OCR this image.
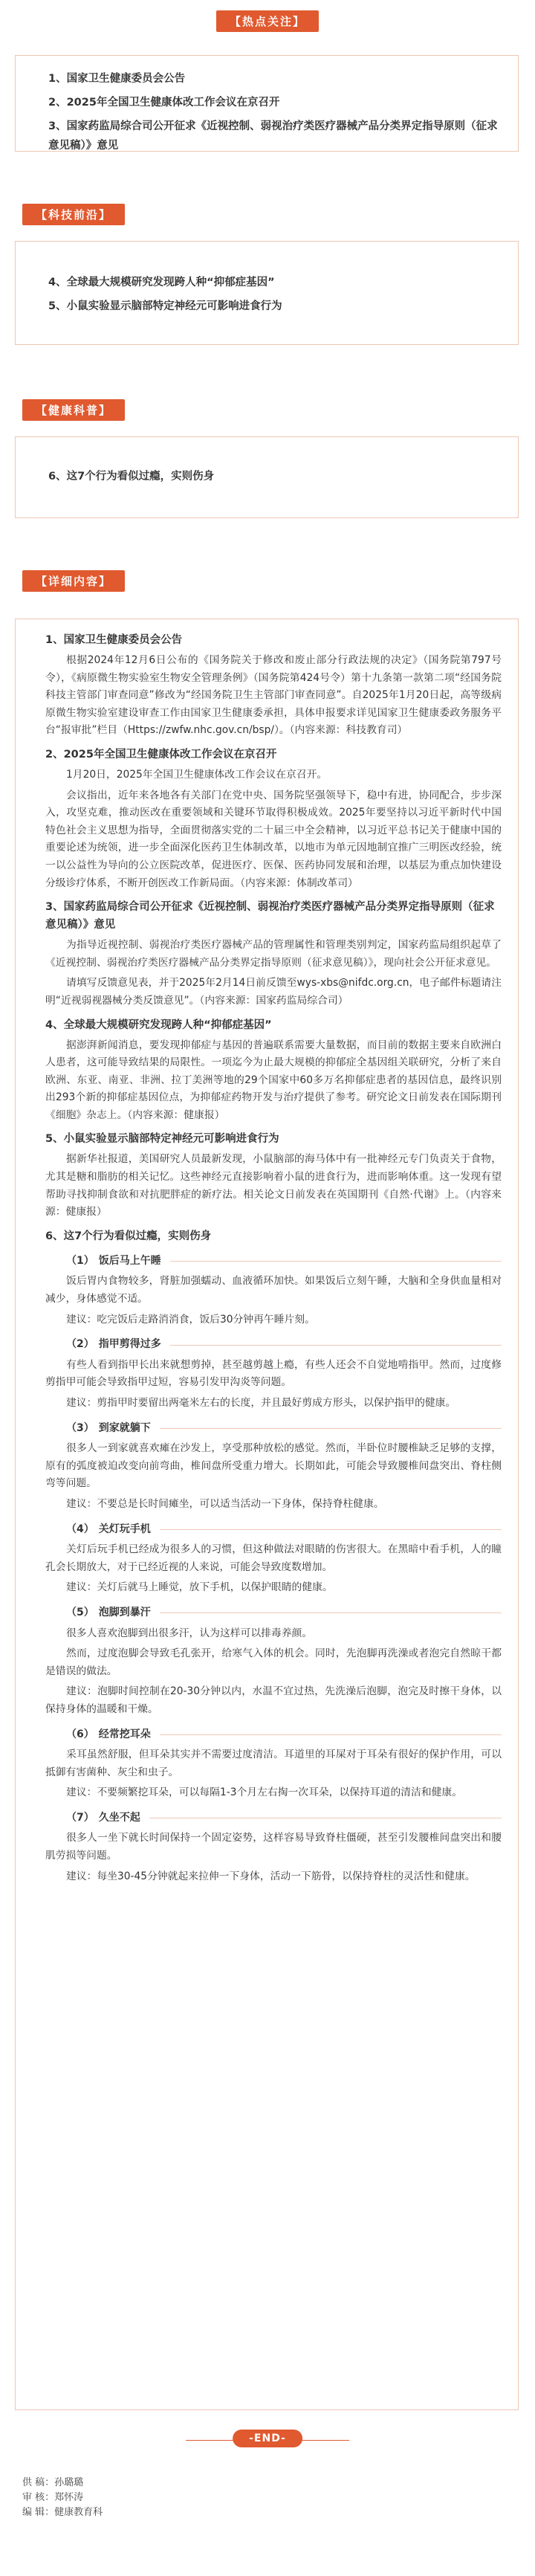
【热点关注】
1、国家卫生健康委员会公告
2、2025年全国卫生健康体改工作会议在京召开
3、国家药监局综合司公开征求《近视控制、弱视治疗类医疗器械产品分类界定指导原则（征求意见稿）》意见
【科技前沿】
4、全球最大规模研究发现跨人种“抑郁症基因”
5、小鼠实验显示脑部特定神经元可影响进食行为
【健康科普】
6、这7个行为看似过瘾，实则伤身
【详细内容】
1、国家卫生健康委员会公告

根据2024年12月6日公布的《国务院关于修改和废止部分行政法规的决定》（国务院第797号令），《病原微生物实验室生物安全管理条例》（国务院第424号令）第十九条第一款第二项“经国务院科技主管部门审查同意”修改为“经国务院卫生主管部门审查同意”。自2025年1月20日起，高等级病原微生物实验室建设审查工作由国家卫生健康委承担，具体申报要求详见国家卫生健康委政务服务平台“报审批”栏目（Https://zwfw.nhc.gov.cn/bsp/）。（内容来源：科技教育司）

2、2025年全国卫生健康体改工作会议在京召开

1月20日，2025年全国卫生健康体改工作会议在京召开。

会议指出，近年来各地各有关部门在党中央、国务院坚强领导下，稳中有进，协同配合，步步深入，攻坚克难，推动医改在重要领域和关键环节取得积极成效。2025年要坚持以习近平新时代中国特色社会主义思想为指导，全面贯彻落实党的二十届三中全会精神，以习近平总书记关于健康中国的重要论述为统领，进一步全面深化医药卫生体制改革，以地市为单元因地制宜推广三明医改经验，统一以公益性为导向的公立医院改革，促进医疗、医保、医药协同发展和治理，以基层为重点加快建设分级诊疗体系，不断开创医改工作新局面。（内容来源：体制改革司）

3、国家药监局综合司公开征求《近视控制、弱视治疗类医疗器械产品分类界定指导原则（征求意见稿）》意见

为指导近视控制、弱视治疗类医疗器械产品的管理属性和管理类别判定，国家药监局组织起草了《近视控制、弱视治疗类医疗器械产品分类界定指导原则（征求意见稿）》，现向社会公开征求意见。

请填写反馈意见表，并于2025年2月14日前反馈至wys-xbs@nifdc.org.cn，电子邮件标题请注明“近视弱视器械分类反馈意见”。（内容来源：国家药监局综合司）

4、全球最大规模研究发现跨人种“抑郁症基因”

据澎湃新闻消息，要发现抑郁症与基因的普遍联系需要大量数据，而目前的数据主要来自欧洲白人患者，这可能导致结果的局限性。一项迄今为止最大规模的抑郁症全基因组关联研究，分析了来自欧洲、东亚、南亚、非洲、拉丁美洲等地的29个国家中60多万名抑郁症患者的基因信息，最终识别出293个新的抑郁症基因位点，为抑郁症药物开发与治疗提供了参考。研究论文日前发表在国际期刊《细胞》杂志上。（内容来源：健康报）

5、小鼠实验显示脑部特定神经元可影响进食行为

据新华社报道，美国研究人员最新发现，小鼠脑部的海马体中有一批神经元专门负责关于食物，尤其是糖和脂肪的相关记忆。这些神经元直接影响着小鼠的进食行为，进而影响体重。这一发现有望帮助寻找抑制食欲和对抗肥胖症的新疗法。相关论文日前发表在英国期刊《自然·代谢》上。（内容来源：健康报）

6、这7个行为看似过瘾，实则伤身
（1） 饭后马上午睡

饭后胃内食物较多，肾脏加强蠕动、血液循环加快。如果饭后立刻午睡，大脑和全身供血量相对减少，身体感觉不适。

建议：吃完饭后走路消消食，饭后30分钟再午睡片刻。

（2） 指甲剪得过多

有些人看到指甲长出来就想剪掉，甚至越剪越上瘾，有些人还会不自觉地啃指甲。然而，过度修剪指甲可能会导致指甲过短，容易引发甲沟炎等问题。

建议：剪指甲时要留出两毫米左右的长度，并且最好剪成方形头，以保护指甲的健康。

（3） 到家就躺下

很多人一到家就喜欢瘫在沙发上，享受那种放松的感觉。然而，半卧位时腰椎缺乏足够的支撑，原有的弧度被迫改变向前弯曲，椎间盘所受重力增大。长期如此，可能会导致腰椎间盘突出、脊柱侧弯等问题。

建议：不要总是长时间瘫坐，可以适当活动一下身体，保持脊柱健康。

（4） 关灯玩手机

关灯后玩手机已经成为很多人的习惯，但这种做法对眼睛的伤害很大。在黑暗中看手机，人的瞳孔会长期放大，对于已经近视的人来说，可能会导致度数增加。

建议：关灯后就马上睡觉，放下手机，以保护眼睛的健康。

（5） 泡脚到暴汗

很多人喜欢泡脚到出很多汗，认为这样可以排毒养颜。

然而，过度泡脚会导致毛孔张开，给寒气入体的机会。同时，先泡脚再洗澡或者泡完自然晾干都是错误的做法。

建议：泡脚时间控制在20-30分钟以内，水温不宜过热，先洗澡后泡脚，泡完及时擦干身体，以保持身体的温暖和干燥。

（6） 经常挖耳朵

采耳虽然舒服，但耳朵其实并不需要过度清洁。耳道里的耳屎对于耳朵有很好的保护作用，可以抵御有害菌种、灰尘和虫子。

建议：不要频繁挖耳朵，可以每隔1-3个月左右掏一次耳朵，以保持耳道的清洁和健康。

（7） 久坐不起

很多人一坐下就长时间保持一个固定姿势，这样容易导致脊柱僵硬，甚至引发腰椎间盘突出和腰肌劳损等问题。

建议：每坐30-45分钟就起来拉伸一下身体，活动一下筋骨，以保持脊柱的灵活性和健康。

-END-
供 稿：孙璐璐
审 核：郑怀涛
编 辑：健康教育科
